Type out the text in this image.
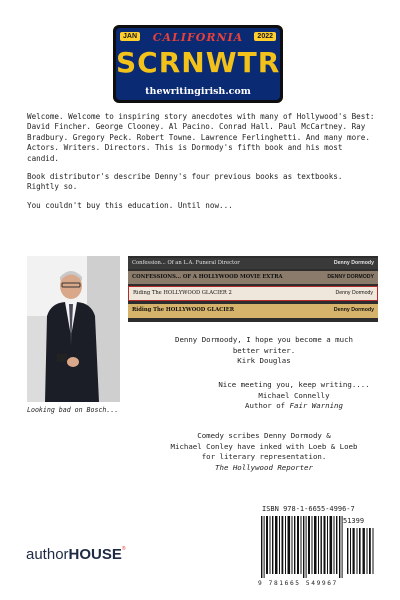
JAN	CALIFORNIA	2022
SCRNWTR
thewritingirish.com

Welcome. Welcome to inspiring story anecdotes with many of Hollywood's Best: David Fincher. George Clooney. Al Pacino. Conrad Hall. Paul McCartney. Ray Bradbury. Gregory Peck. Robert Towne. Lawrence Ferlinghetti. And many more. Actors. Writers. Directors. This is Dormody's fifth book and his most candid.

Book distributor's describe Denny's four previous books as textbooks. Rightly so.

You couldn't buy this education. Until now...

Looking bad on Bosch...
Confession... Of an L.A. Funeral Director	Denny Dormody
CONFESSIONS... OF A HOLLYWOOD MOVIE EXTRA	DENNY DORMODY
Riding The HOLLYWOOD GLACIER 2	Denny Dormody
Riding The HOLLYWOOD GLACIER	Denny Dormody
Denny Dormoody, I hope you become a much
better writer.
Kirk Douglas
Nice meeting you, keep writing....
Michael Connelly
Author of Fair Warning
Comedy scribes Denny Dormody &
Michael Conley have inked with Loeb & Loeb
for literary representation.
The Hollywood Reporter
ISBN 978-1-6655-4996-7
51399
9 781665 549967
authorHOUSE®
